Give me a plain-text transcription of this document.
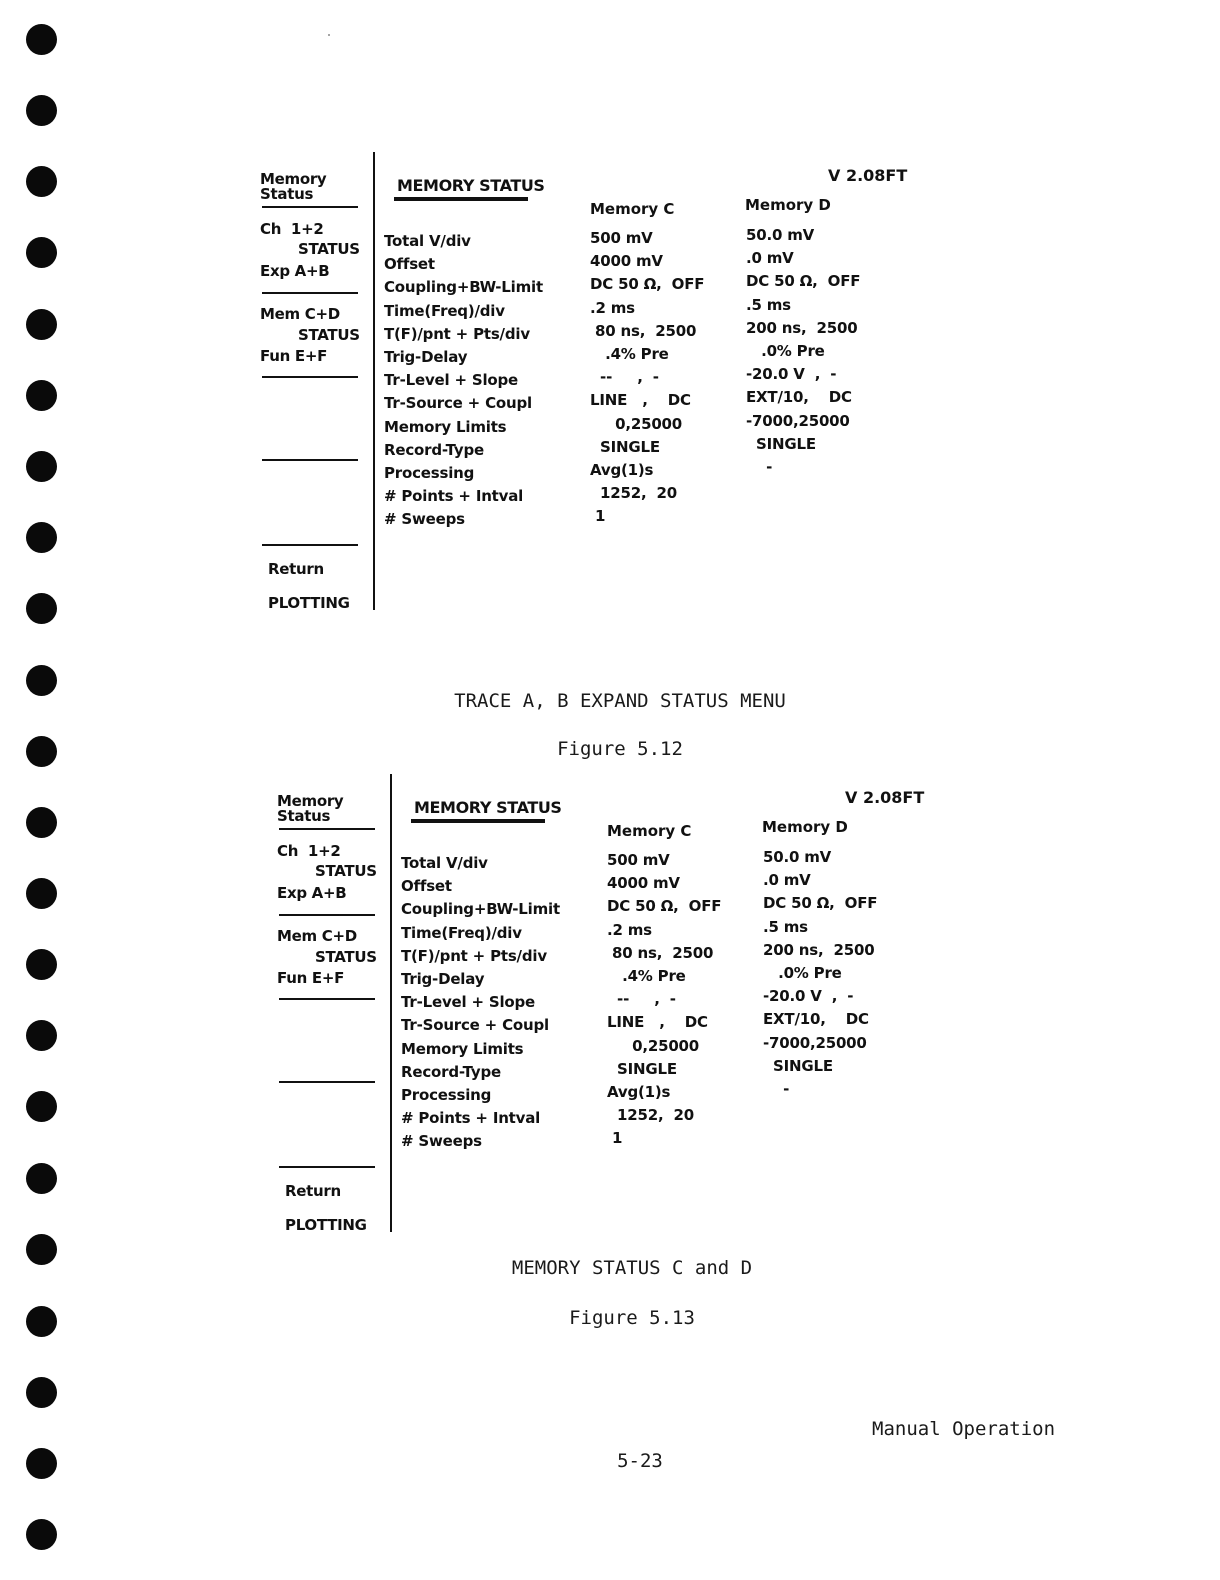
Memory
Status
Ch  1+2
STATUS
Exp A+B
Mem C+D
STATUS
Fun E+F
Return
PLOTTING
MEMORY STATUS
V 2.08FT
Memory C	Memory D
Total V/div	500 mV	50.0 mV
Offset	4000 mV	.0 mV
Coupling+BW-Limit	DC 50 Ω,  OFF	DC 50 Ω,  OFF
Time(Freq)/div	.2 ms	.5 ms
T(F)/pnt + Pts/div	80 ns,  2500	200 ns,  2500
Trig-Delay	.4% Pre	.0% Pre
Tr-Level + Slope	--     ,  -	-20.0 V  ,  -
Tr-Source + Coupl	LINE   ,    DC	EXT/10,    DC
Memory Limits	0,25000	-7000,25000
Record-Type	SINGLE	SINGLE
Processing	Avg(1)s	-
# Points + Intval	1252,  20
# Sweeps	1
TRACE A, B EXPAND STATUS MENU
Figure 5.12
Memory
Status
Ch  1+2
STATUS
Exp A+B
Mem C+D
STATUS
Fun E+F
Return
PLOTTING
MEMORY STATUS
V 2.08FT
Memory C	Memory D
Total V/div	500 mV	50.0 mV
Offset	4000 mV	.0 mV
Coupling+BW-Limit	DC 50 Ω,  OFF	DC 50 Ω,  OFF
Time(Freq)/div	.2 ms	.5 ms
T(F)/pnt + Pts/div	80 ns,  2500	200 ns,  2500
Trig-Delay	.4% Pre	.0% Pre
Tr-Level + Slope	--     ,  -	-20.0 V  ,  -
Tr-Source + Coupl	LINE   ,    DC	EXT/10,    DC
Memory Limits	0,25000	-7000,25000
Record-Type	SINGLE	SINGLE
Processing	Avg(1)s	-
# Points + Intval	1252,  20
# Sweeps	1
MEMORY STATUS C and D
Figure 5.13
Manual Operation
5-23
